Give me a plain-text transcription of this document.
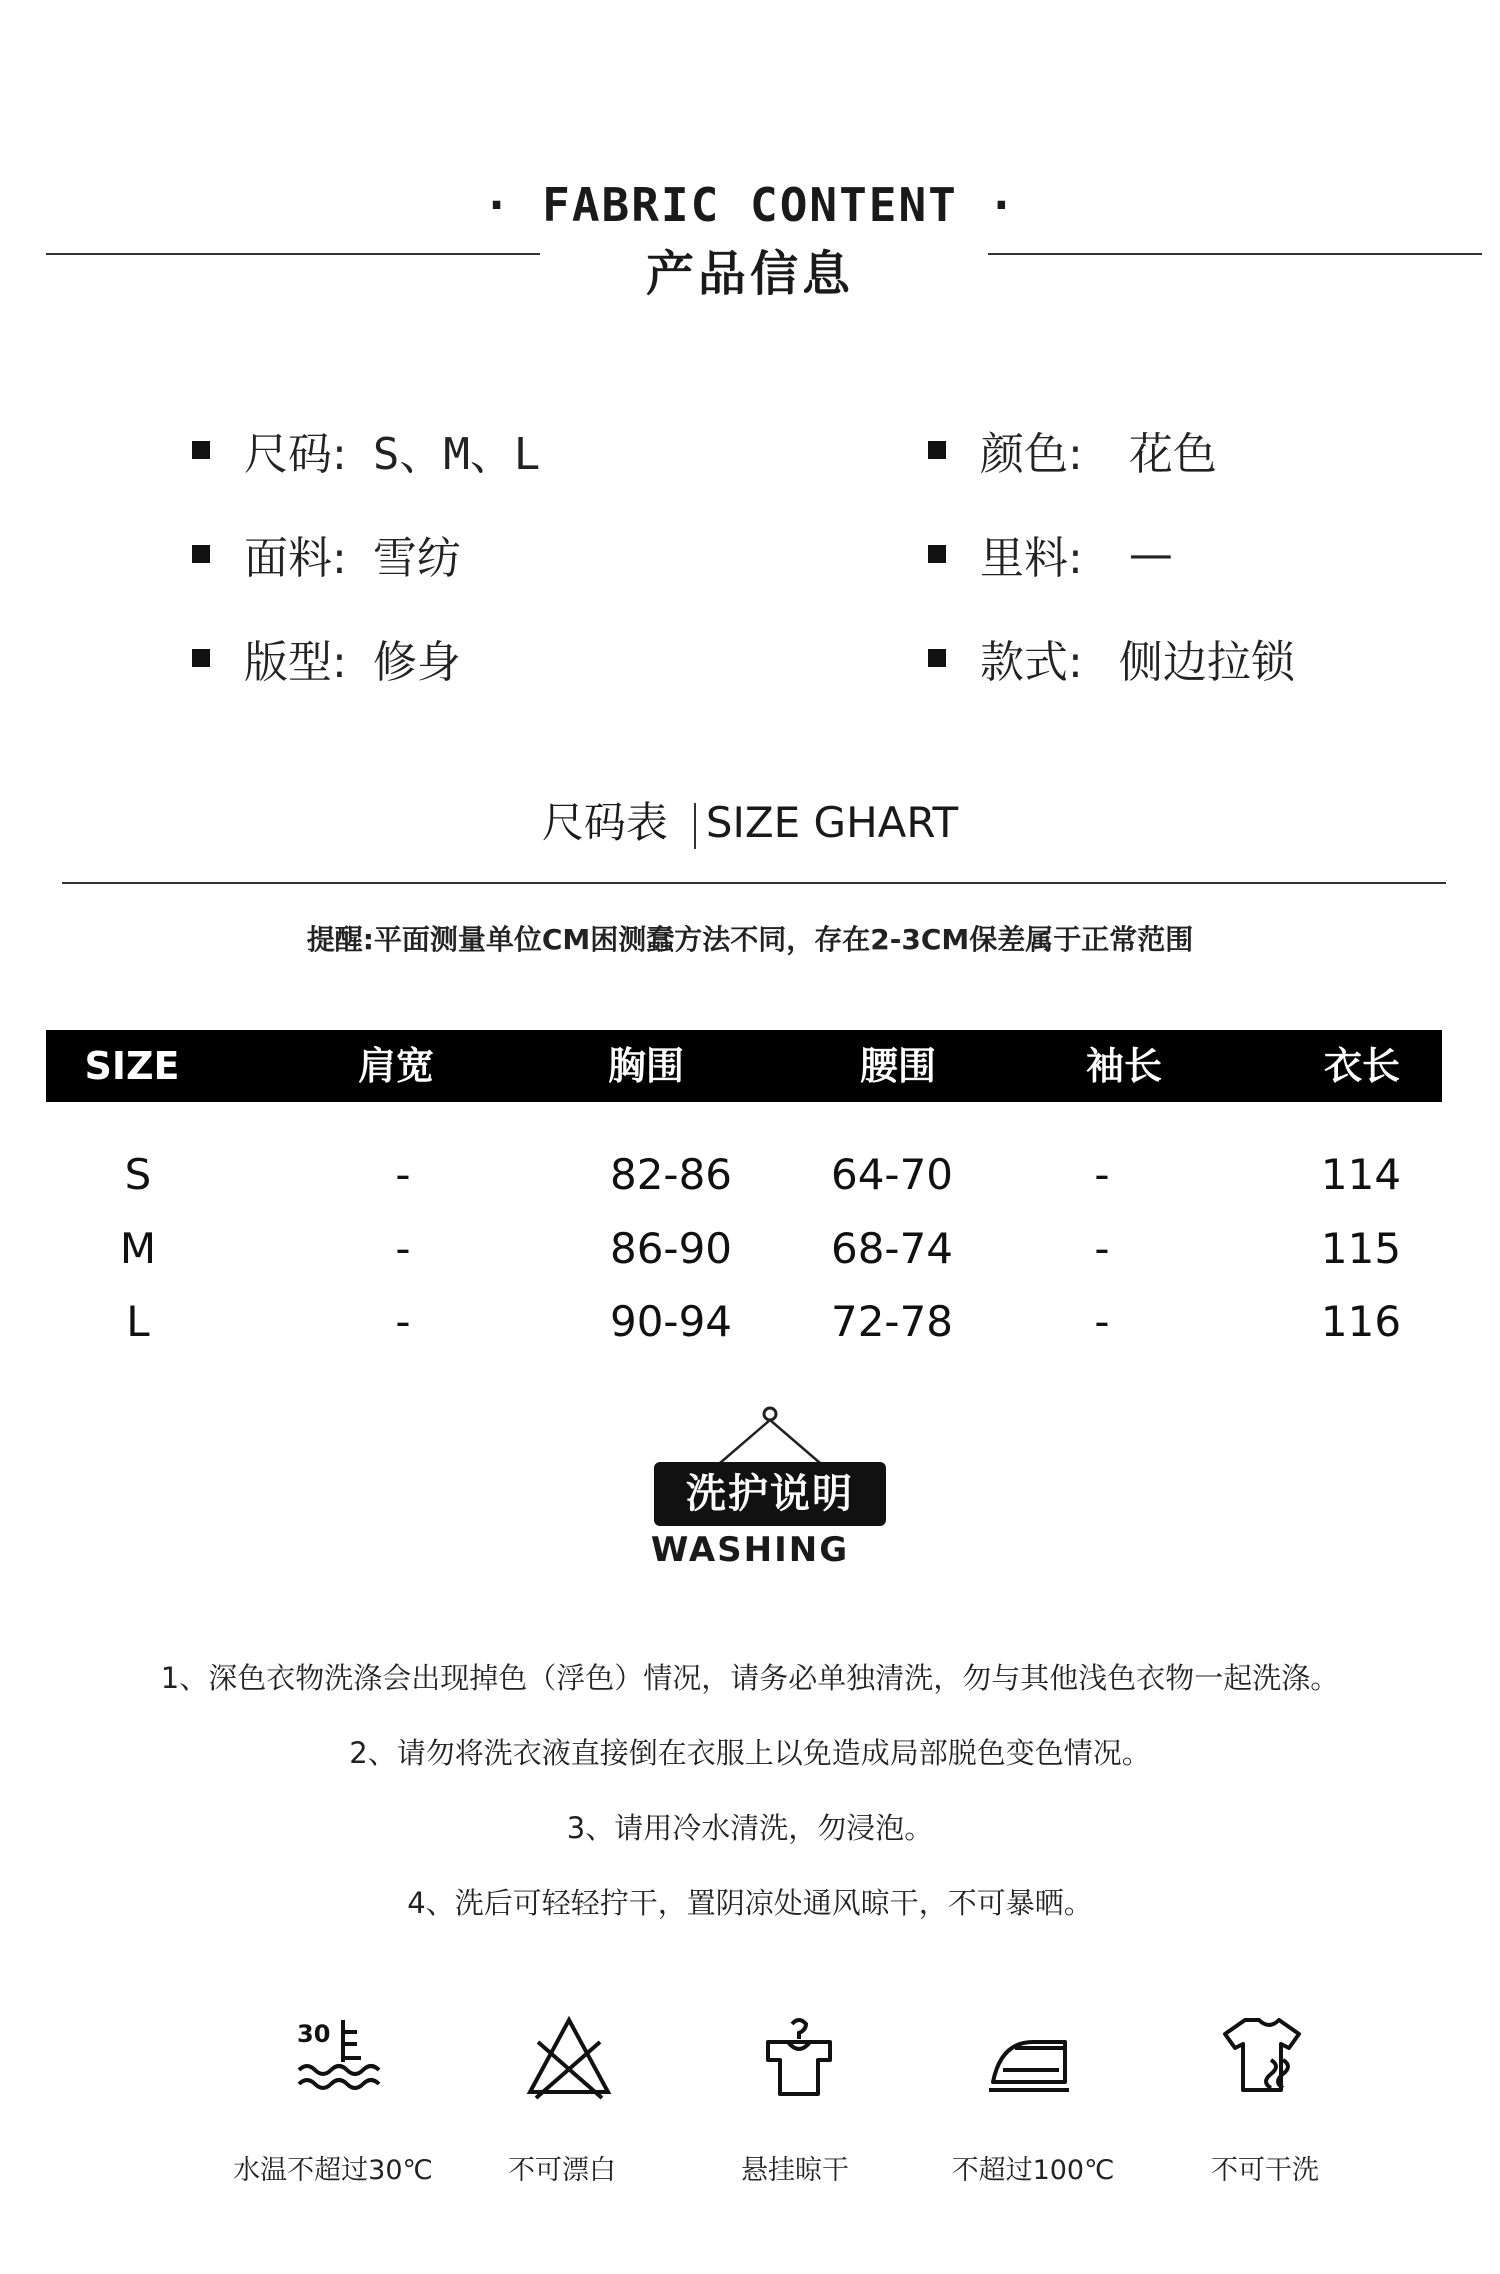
· FABRIC CONTENT ·
产品信息
尺码: S、M、L	颜色: 花色
面料: 雪纺	里料: —
版型: 修身	款式: 侧边拉锁
尺码表 SIZE GHART
提醒:平面测量单位CM困测蠢方法不同，存在2-3CM保差属于正常范围
SIZE	肩宽	胸围	腰围	袖长	衣长
S	-	82-86 64-70	-	114
M	-	86-90 68-74	-	115
L	-	90-94 72-78	-	116
洗护说明
WASHING
1、深色衣物洗涤会出现掉色（浮色）情况，请务必单独清洗，勿与其他浅色衣物一起洗涤。
2、请勿将洗衣液直接倒在衣服上以免造成局部脱色变色情况。
3、请用冷水清洗，勿浸泡。
4、洗后可轻轻拧干，置阴凉处通风晾干，不可暴晒。
30
水温不超过30℃	不可漂白	悬挂晾干	不超过100℃	不可干洗
